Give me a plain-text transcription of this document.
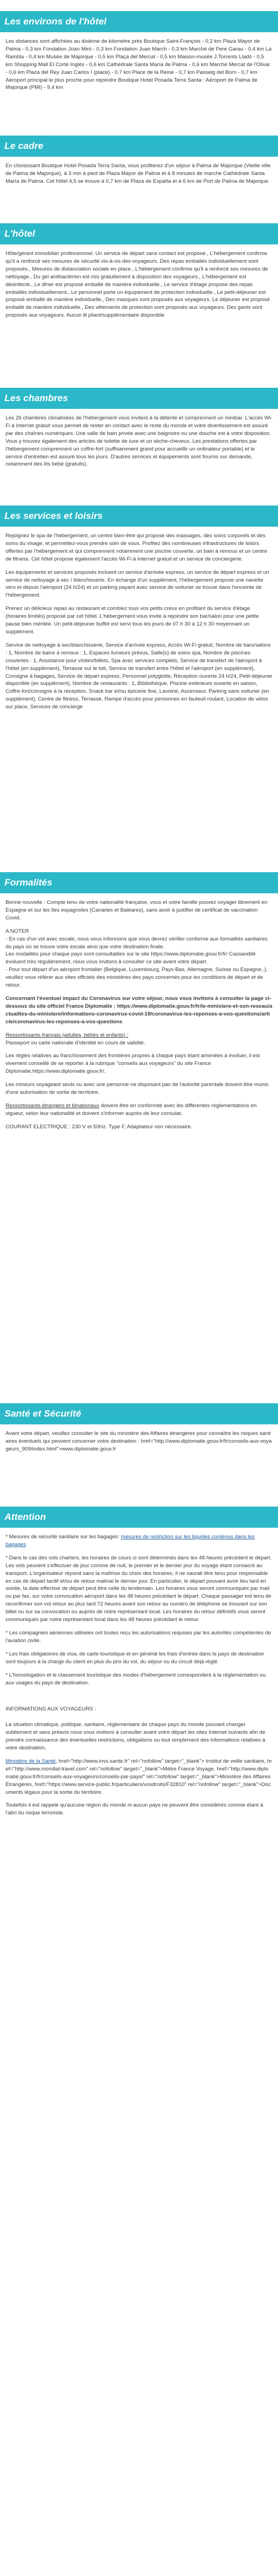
Les environs de l'hôtel

Les distances sont affichées au dixième de kilomètre près Boutique Saint-François - 0,2 km Plaza Mayor de Palma - 0,3 km Fondation Joan Miró - 0,3 km Fondation Juan March - 0,3 km Marché de Pere Garau - 0,4 km La Rambla - 0,4 km Musée de Majorque - 0,5 km Plaça del Mercat - 0,5 km Maison-musée J.Torrents Lladó - 0,5 km Shopping Mall El Corte Inglés - 0,6 km Cathédrale Santa María de Palma - 0,6 km Marché Mercat de l'Olivar - 0,6 km Plaza del Rey Juan Carlos I (place) - 0,7 km Place de la Reine - 0,7 km Passeig del Born - 0,7 km Aéroport principal le plus proche pour rejoindre Boutique Hotel Posada Terra Santa : Aéroport de Palma de Majorque (PMI) - 9,4 km

Le cadre

En choisissant Boutique Hotel Posada Terra Santa, vous profiterez d'un séjour à Palma de Majorque (Vieille ville de Palma de Majorque), à 3 min à pied de Plaza Mayor de Palma et à 8 minutes de marche Cathédrale Santa María de Palma. Cet hôtel 4,5 se trouve à 0,7 km de Plaza de España et à 6 km de Port de Palma de Majorque.

L'hôtel

Hôte/gérant immobilier professionnel. Un service de départ sans contact est proposé., L'hébergement confirme qu'il a renforcé ses mesures de sécurité vis-à-vis des voyageurs. Des repas emballés individuellement sont proposés., Mesures de distanciation sociale en place., L'hébergement confirme qu'il a renforcé ses mesures de nettoyage., Du gel antibactérien est mis gratuitement à disposition des voyageurs., L'hébergement est désinfecté., Le dîner est proposé emballé de manière individuelle., Le service d'étage propose des repas emballés individuellement., Le personnel porte un équipement de protection individuelle., Le petit-déjeuner est proposé emballé de manière individuelle., Des masques sont proposés aux voyageurs. Le déjeuner est proposé emballé de manière individuelle., Des vêtements de protection sont proposés aux voyageurs. Des gants sont proposés aux voyageurs. Aucun lit pliant/supplémentaire disponible

Les chambres

Les 26 chambres climatisées de l'hébergement vous invitent à la détente et comprennent un minibar. L'accès Wi-Fi à Internet gratuit vous permet de rester en contact avec le reste du monde et votre divertissement est assuré par des chaînes numériques. Une salle de bain privée avec une baignoire ou une douche est à votre disposition. Vous y trouvez également des articles de toilette de luxe et un sèche-cheveux. Les prestations offertes par l'hébergement comprennent un coffre-fort (suffisamment grand pour accueillir un ordinateur portable) et le service d'entretien est assuré tous les jours. D'autres services et équipements sont fournis sur demande, notamment des lits bébé (gratuits).

Les services et loisirs

Rejoignez le spa de l'hébergement, un centre bien-être qui propose des massages, des soins corporels et des soins du visage, et permettez-vous prendre soin de vous. Profitez des nombreuses infrastructures de loisirs offertes par l'hébergement et qui comprennent notamment une piscine couverte, un bain à remous et un centre de fitness. Cet hôtel propose également l'accès Wi-Fi à Internet gratuit et un service de conciergerie.

Les équipements et services proposés incluent un service d'arrivée express, un service de départ express et un service de nettoyage à sec / blanchisserie. En échange d'un supplément, l'hébergement propose une navette vers et depuis l'aéroport (24 h/24) et un parking payant avec service de voiturier se trouve dans l'enceinte de l'hébergement.

Prenez un délicieux repas au restaurant et combiez tous vos petits creux en profitant du service d'étage (horaires limités) proposé par cet hôtel. L'hébergement vous invite à rejoindre son bar/salon pour une petite pause bien méritée. Un petit-déjeuner buffet est servi tous les jours de 07 h 30 à 12 h 30 moyennant un supplément.

Service de nettoyage à sec/blanchisserie, Service d'arrivée express, Accès Wi-Fi gratuit, Nombre de bars/salons : 1, Nombre de bains à remous : 1, Espaces fumeurs prévus, Salle(s) de soins spa, Nombre de piscines couvertes : 1, Assistance pour visites/billets, Spa avec services complets, Service de transfert de l'aéroport à l'hôtel (en supplément), Terrasse sur le toit, Service de transfert entre l'hôtel et l'aéroport (en supplément), Consigne à bagages, Service de départ express, Personnel polyglotte, Réception ouverte 24 h/24, Petit-déjeuner disponible (en supplément), Nombre de restaurants : 1, Bibliothèque, Piscine extérieure ouverte en saison, Coffre-fort/consigne à la réception, Snack bar et/ou épicerie fine, Lavoirie, Ascenseur, Parking sans voiturier (en supplément), Centre de fitness, Terrasse, Rampe d'accès pour personnes en fauteuil roulant, Location de vélos sur place, Services de concierge

Formalités

Bonne nouvelle : Compte tenu de votre nationalité française, vous et votre famille pouvez voyager librement en Espagne et sur les îles espagnoles (Canaries et Baléares), sans avoir à justifier de certificat de vaccination Covid.

A NOTER
- En cas d'un vol avec escale, nous vous informons que vous devrez vérifier conforme aux formalités sanitaires du pays où se trouve votre escale ainsi que votre destination finale.
Les modalités pour chaque pays sont consultables sur le site https://www.diplomatie.gouv.fr/fr/ Cassandité évoluent très régulièrement, nous vous invitons à consulter ce site avant votre départ.

- Pour tout départ d'un aéroport frontalier (Belgique, Luxembourg, Pays-Bas, Allemagne, Suisse ou Espagne..), veuillez vous référer aux sites officiels des ministères des pays concernés pour les conditions de départ et de retour.

Concernant l'éventuel impact du Coronavirus sur votre séjour, nous vous invitons à consulter la page ci-dessous du site officiel France Diplomatie : https://www.diplomatie.gouv.fr/fr/le-ministere-et-son-reseau/actualites-du-ministere/informations-coronavirus-covid-19/coronavirus-les-reponses-a-vos-questions/article/coronavirus-les-reponses-a-vos-questions

Ressortissants français (adultes, bébés et enfants) :

Passeport ou carte nationale d'identité en cours de validité.

Les règles relatives au franchissement des frontières propres à chaque pays étant amenées à évoluer, il est vivement conseillé de se reporter à la rubrique "conseils aux voyageurs" du site France Diplomatie,https://www.diplomatie.gouv.fr/.

Les mineurs voyageant seuls ou avec une personne ne disposant pas de l'autorité parentale doivent être munis d'une autorisation de sortie de territoire.

Ressortissants étrangers et binationaux doivent être en conformité avec les différentes réglementations en vigueur, selon leur nationalité et doivent s'informer auprès de leur consulat.

COURANT ELECTRIQUE : 230 V et 50Hz. Type F, Adaptateur non nécessaire.

Santé et Sécurité

Avant votre départ, veuillez consulter le site du ministère des Affaires étrangères pour connaître les risques sanitaires éventuels qui peuvent concerner votre destination : href="http://www.diplomatie.gouv.fr/fr/conseils-aux-voyageurs_909/index.html">www.diplomatie.gouv.fr

Attention

* Mesures de sécurité sanitaire sur les bagages: mesures de restriction sur les liquides contenus dans les bagages

* Dans le cas des vols charters, les horaires de cours ci sont déterminés dans les 48 heures précédent le départ. Les vols peuvent s'effectuer de jour comme de nuit, le premier et le dernier jour du voyage étant consacré au transport. L'organisateur répond sans la maîtrise du choix des horaires, il ne saurait être tenu pour responsable en cas de départ tardif et/ou de retour matinal le dernier jour. En particulier, le départ pouvant avoir lieu tard en soirée, la date effective de départ peut être celle du lendemain. Les horaires vous seront communiqués par mail ou par fax, sur votre convocation aéroport dans les 48 heures précédant le départ. Chaque passager est tenu de reconfirmer son vol retour au plus tard 72 heures avant son retour au numéro de téléphone se trouvant sur son billet ou sur sa convocation ou auprès de notre représentant local. Les horaires du retour définitifs vous seront communiqués par notre représentant local dans les 48 heures précédant le retour.

* Les compagnies aériennes utilisées ont toutes reçu les autorisations requises par les autorités compétentes de l'aviation civile.

* Les frais obligatoires de visa, de carte touristique et en général les frais d'entrée dans le pays de destination sont toujours à la charge du client en plus du prix du vol, du séjour ou du circuit déjà réglé.

* L'homologation et le classement touristique des modes d'hébergement correspondent à la réglementation ou aux usages du pays de destination.

INFORMATIONS AUX VOYAGEURS :

La situation climatique, politique, sanitaire, réglementaire de chaque pays du monde pouvant changer subitement et sans préavis nous vous invitons à consulter avant votre départ les sites Internet suivants afin de prendre connaissance des éventuelles restrictions, obligations ou tout simplement des informations relatives à votre destination.

Ministère de la Santé, href="http://www.invs.sante.fr" rel="nofollow" target="_blank"> Institut de veille sanitaire, href="http://www.mondial-travel.com" rel="nofollow" target="_blank">Mètre France Voyage, href="http://www.diplomatie.gouv.fr/fr/conseils-aux-voyageurs/conseils-par-pays/" rel="nofollow" target="_blank">Ministère des Affaires Étrangères, href="https://www.service-public.fr/particuliers/vosdroits/F32810" rel="nofollow" target="_blank">Documents légaux pour la sortie du territoire.

Toutefois il est rappelé qu'aucune région du monde ni aucun pays ne peuvent être considérés comme étant à l'abri du risque terroriste.
